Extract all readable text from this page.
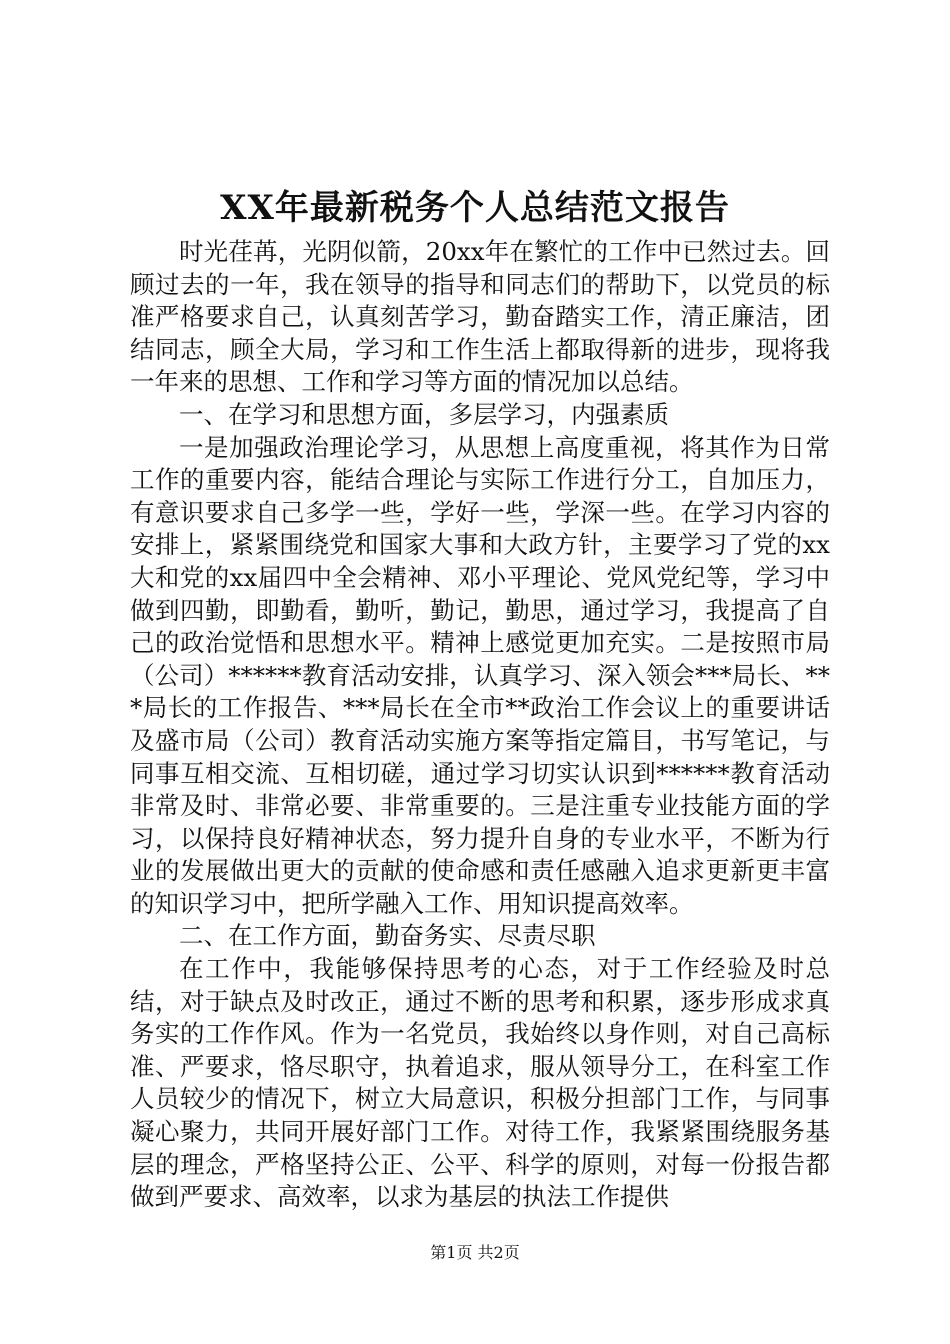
XX年最新税务个人总结范文报告

时光荏苒，光阴似箭，20xx年在繁忙的工作中已然过去。回顾过去的一年，我在领导的指导和同志们的帮助下，以党员的标准严格要求自己，认真刻苦学习，勤奋踏实工作，清正廉洁，团结同志，顾全大局，学习和工作生活上都取得新的进步，现将我一年来的思想、工作和学习等方面的情况加以总结。

一、在学习和思想方面，多层学习，内强素质

一是加强政治理论学习，从思想上高度重视，将其作为日常工作的重要内容，能结合理论与实际工作进行分工，自加压力，有意识要求自己多学一些，学好一些，学深一些。在学习内容的安排上，紧紧围绕党和国家大事和大政方针，主要学习了党的xx大和党的xx届四中全会精神、邓小平理论、党风党纪等，学习中做到四勤，即勤看，勤听，勤记，勤思，通过学习，我提高了自己的政治觉悟和思想水平。精神上感觉更加充实。二是按照市局（公司）******教育活动安排，认真学习、深入领会***局长、***局长的工作报告、***局长在全市**政治工作会议上的重要讲话及盛市局（公司）教育活动实施方案等指定篇目，书写笔记，与同事互相交流、互相切磋，通过学习切实认识到******教育活动非常及时、非常必要、非常重要的。三是注重专业技能方面的学习，以保持良好精神状态，努力提升自身的专业水平，不断为行业的发展做出更大的贡献的使命感和责任感融入追求更新更丰富的知识学习中，把所学融入工作、用知识提高效率。

二、在工作方面，勤奋务实、尽责尽职

在工作中，我能够保持思考的心态，对于工作经验及时总结，对于缺点及时改正，通过不断的思考和积累，逐步形成求真务实的工作作风。作为一名党员，我始终以身作则，对自己高标准、严要求，恪尽职守，执着追求，服从领导分工，在科室工作人员较少的情况下，树立大局意识，积极分担部门工作，与同事凝心聚力，共同开展好部门工作。对待工作，我紧紧围绕服务基层的理念，严格坚持公正、公平、科学的原则，对每一份报告都做到严要求、高效率，以求为基层的执法工作提供

第1页 共2页
